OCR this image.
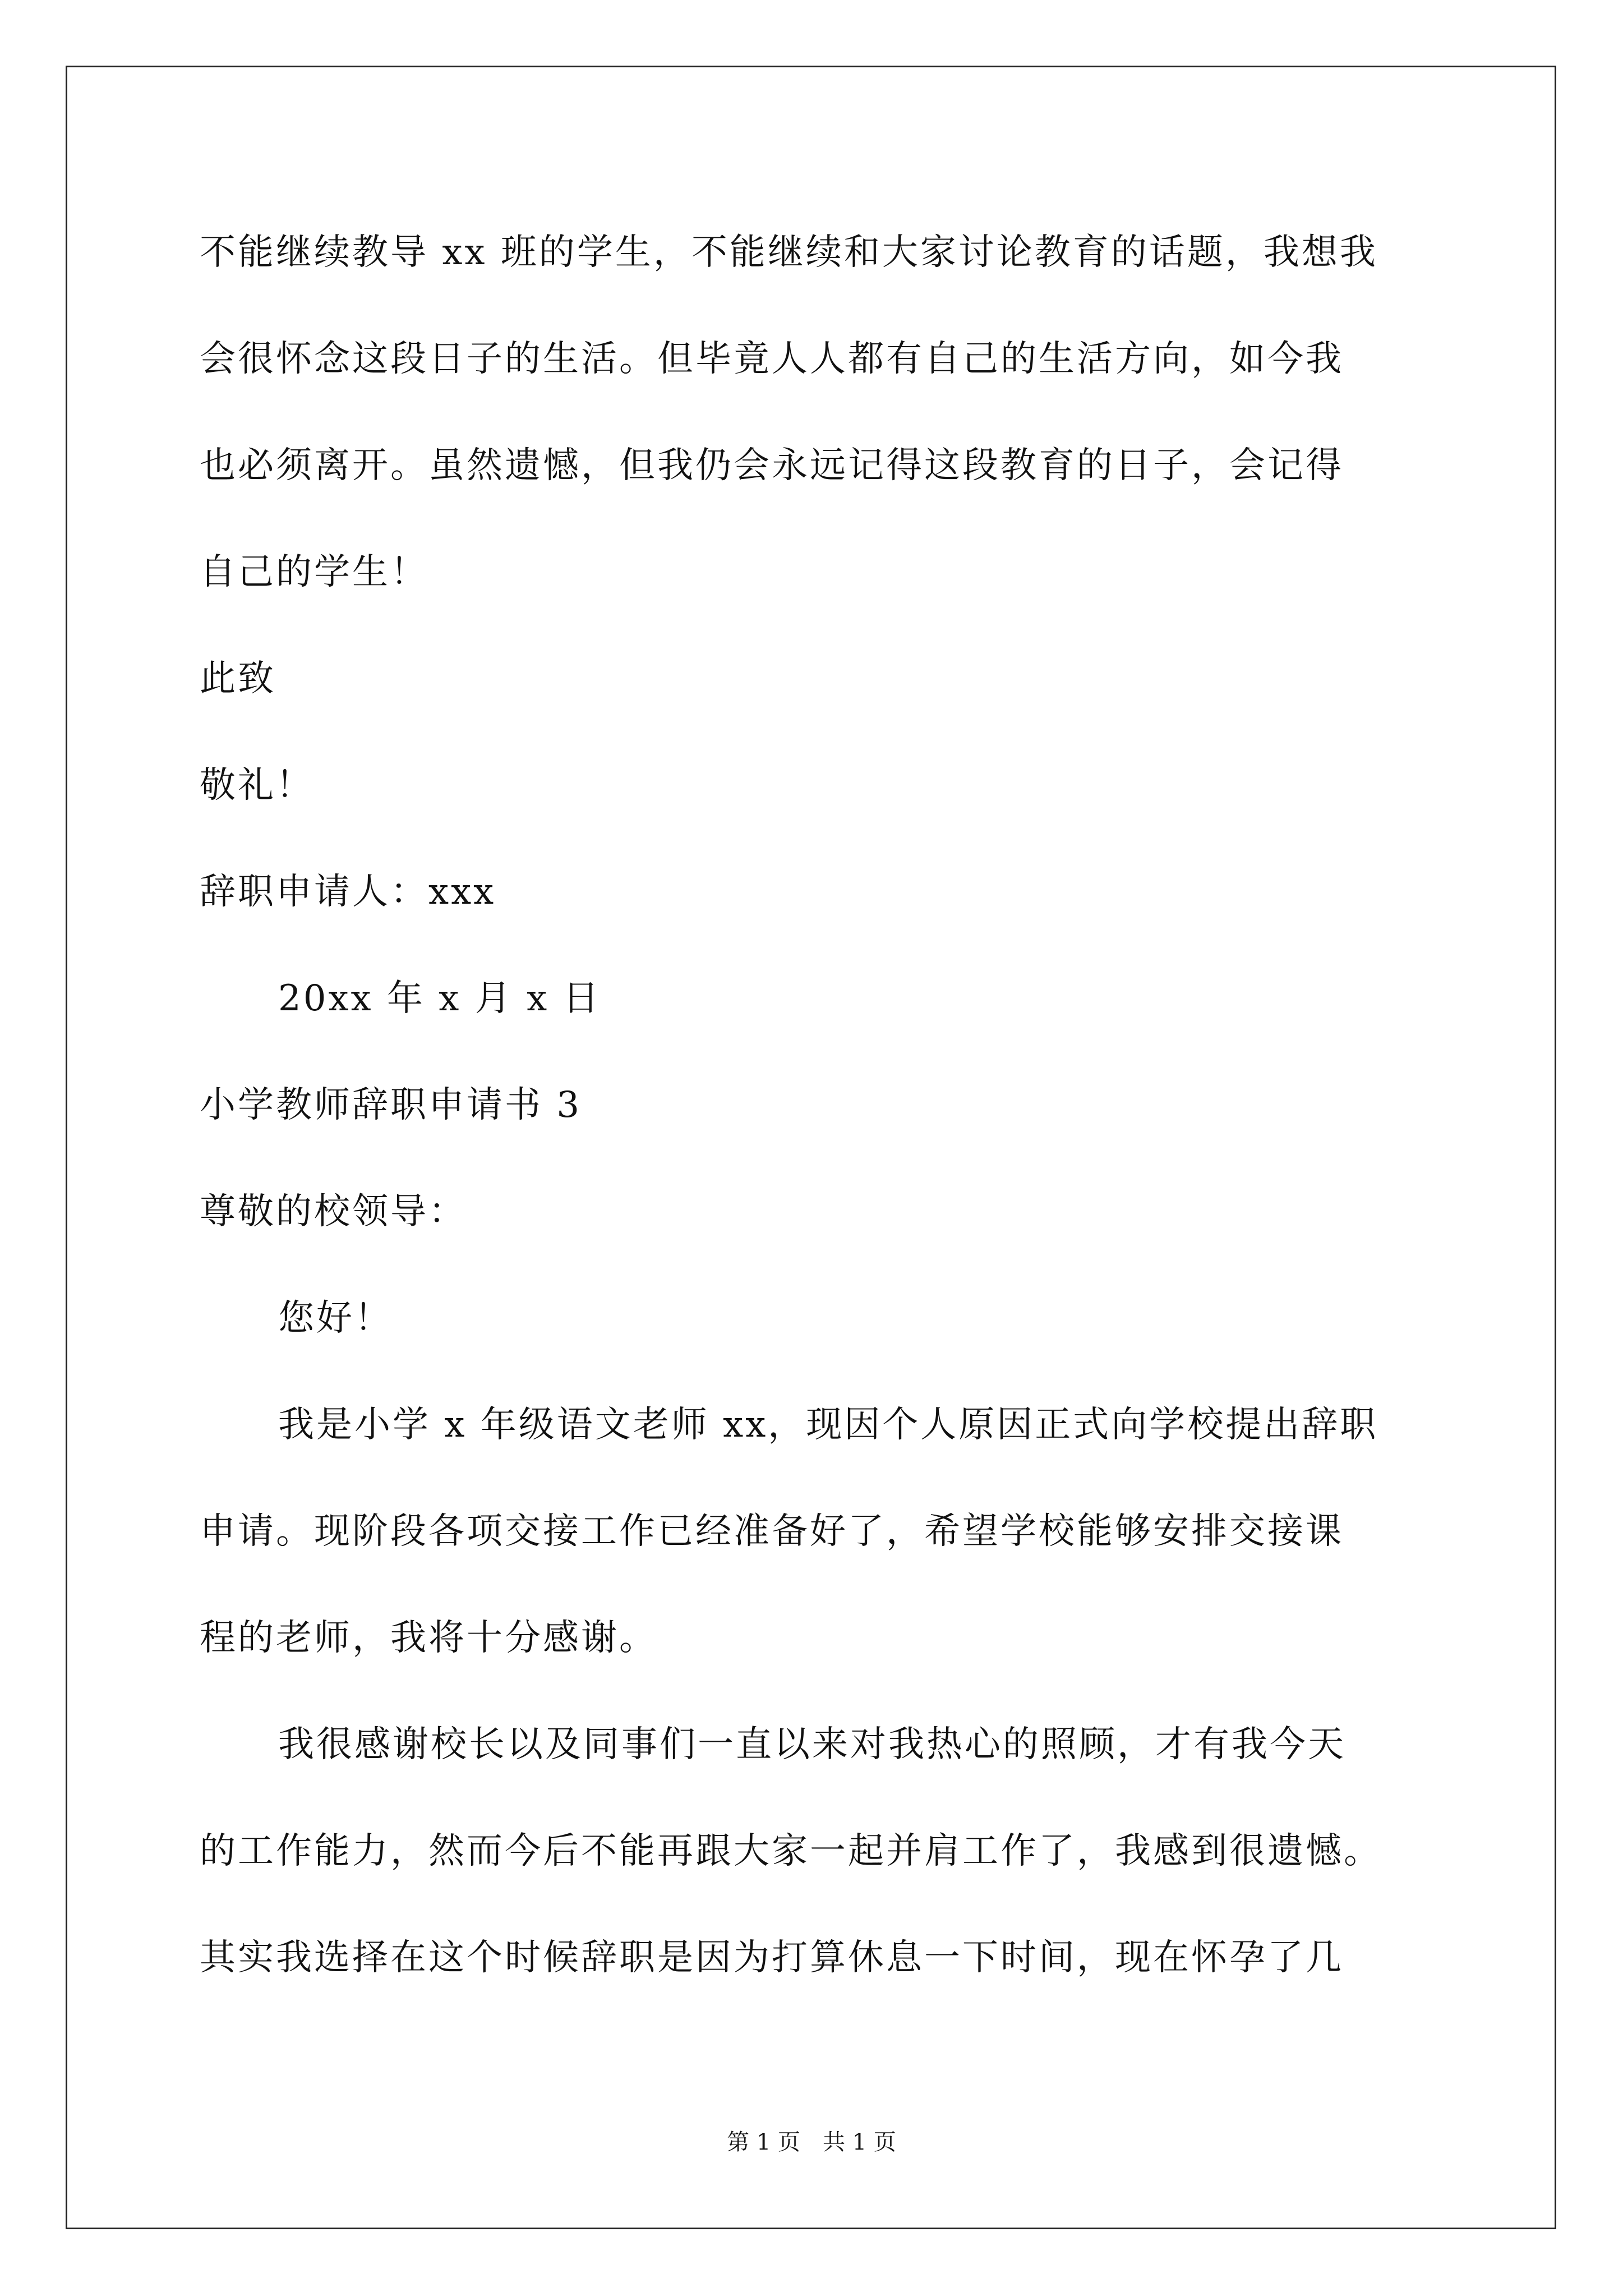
不能继续教导 xx 班的学生，不能继续和大家讨论教育的话题，我想我
会很怀念这段日子的生活。但毕竟人人都有自己的生活方向，如今我
也必须离开。虽然遗憾，但我仍会永远记得这段教育的日子，会记得
自己的学生！
此致
敬礼！
辞职申请人：xxx
20xx 年 x 月 x 日
小学教师辞职申请书 3
尊敬的校领导：
您好！
我是小学 x 年级语文老师 xx，现因个人原因正式向学校提出辞职
申请。现阶段各项交接工作已经准备好了，希望学校能够安排交接课
程的老师，我将十分感谢。
我很感谢校长以及同事们一直以来对我热心的照顾，才有我今天
的工作能力，然而今后不能再跟大家一起并肩工作了，我感到很遗憾。
其实我选择在这个时候辞职是因为打算休息一下时间，现在怀孕了几
第 1 页　共 1 页
